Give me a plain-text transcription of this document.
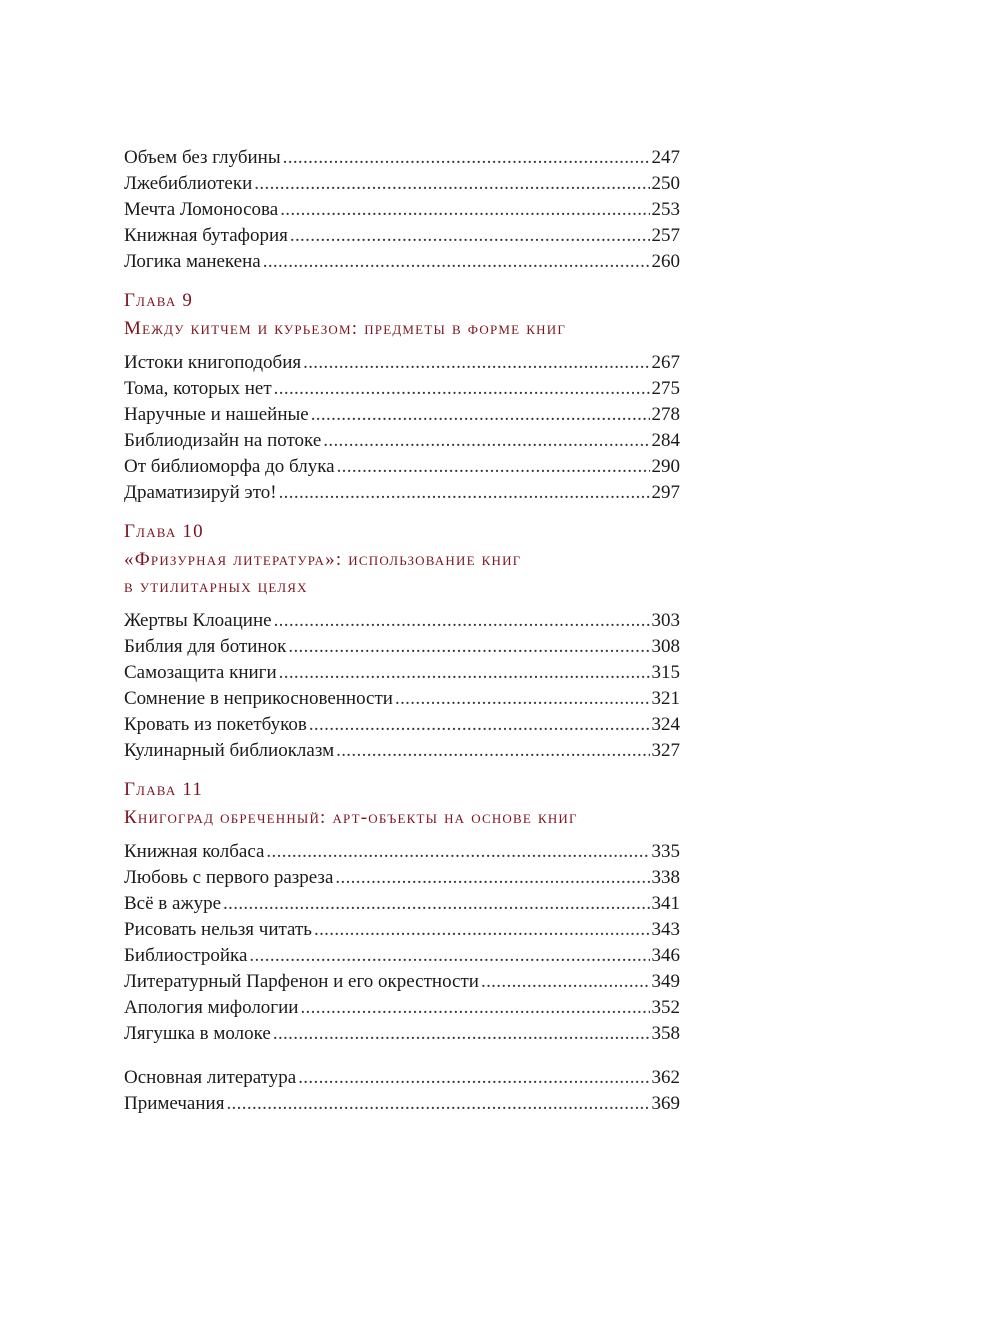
Объем без глубины . . .	247
Лжебиблиотеки . . .	250
Мечта Ломоносова . . .	253
Книжная бутафория . . .	257
Логика манекена . . .	260
Глава 9
Между китчем и курьезом: предметы в форме книг
Истоки книгоподобия . . .	267
Тома, которых нет . . .	275
Наручные и нашейные . . .	278
Библиодизайн на потоке . . .	284
От библиоморфа до блука . . .	290
Драматизируй это! . . .	297
Глава 10
«Фризурная литература»: использование книг
в утилитарных целях
Жертвы Клоацине . . .	303
Библия для ботинок . . .	308
Самозащита книги . . .	315
Сомнение в неприкосновенности . . .	321
Кровать из покетбуков . . .	324
Кулинарный библиоклазм . . .	327
Глава 11
Книгоград обреченный: арт-объекты на основе книг
Книжная колбаса . . .	335
Любовь с первого разреза . . .	338
Всё в ажуре . . .	341
Рисовать нельзя читать . . .	343
Библиостройка . . .	346
Литературный Парфенон и его окрестности . . .	349
Апология мифологии . . .	352
Лягушка в молоке . . .	358
Основная литература . . .	362
Примечания . . .	369
